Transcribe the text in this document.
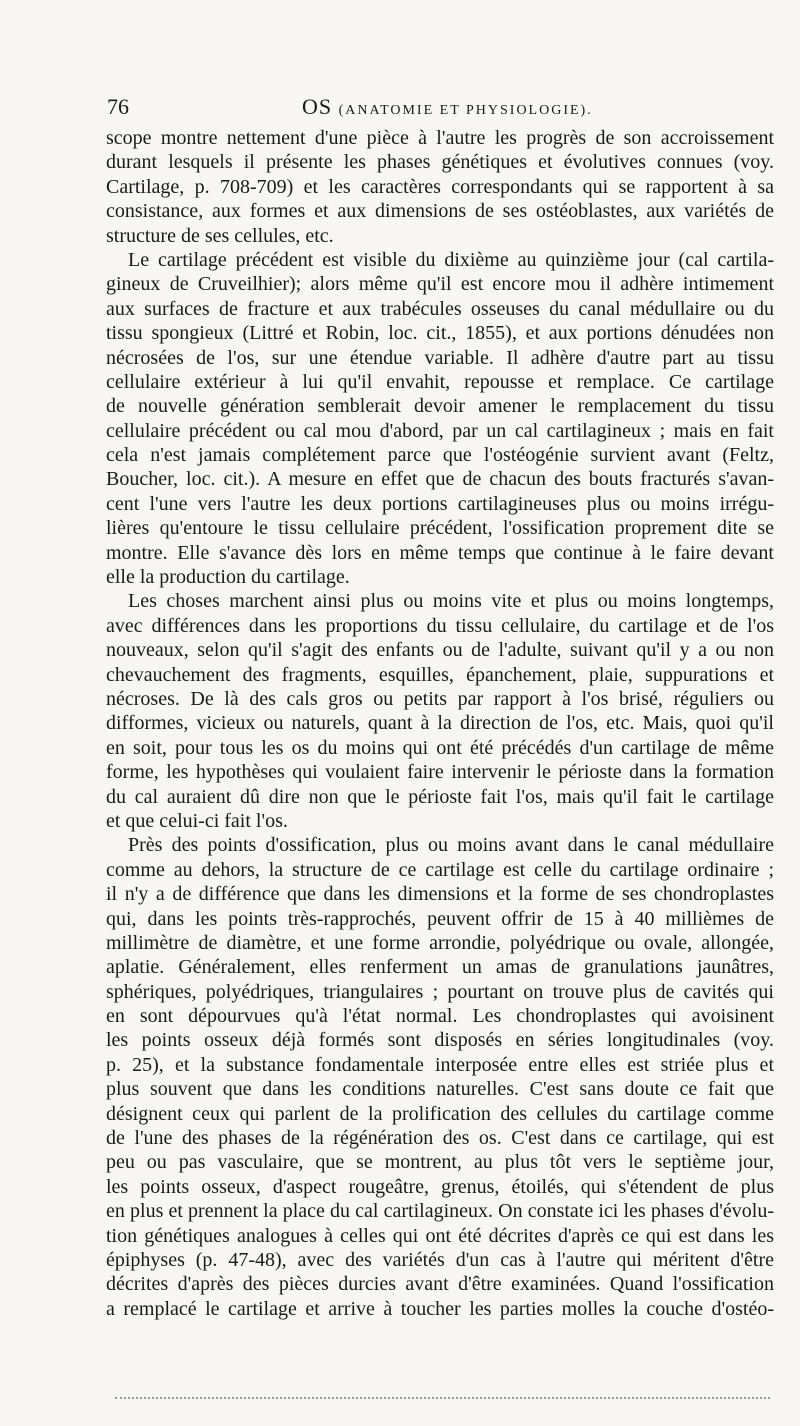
76	OS (ANATOMIE ET PHYSIOLOGIE).
scope montre nettement d'une pièce à l'autre les progrès de son accroissement
durant lesquels il présente les phases génétiques et évolutives connues (voy.
Cartilage, p. 708-709) et les caractères correspondants qui se rapportent à sa
consistance, aux formes et aux dimensions de ses ostéoblastes, aux variétés de
structure de ses cellules, etc.
Le cartilage précédent est visible du dixième au quinzième jour (cal cartila-
gineux de Cruveilhier); alors même qu'il est encore mou il adhère intimement
aux surfaces de fracture et aux trabécules osseuses du canal médullaire ou du
tissu spongieux (Littré et Robin, loc. cit., 1855), et aux portions dénudées non
nécrosées de l'os, sur une étendue variable. Il adhère d'autre part au tissu
cellulaire extérieur à lui qu'il envahit, repousse et remplace. Ce cartilage
de nouvelle génération semblerait devoir amener le remplacement du tissu
cellulaire précédent ou cal mou d'abord, par un cal cartilagineux ; mais en fait
cela n'est jamais complétement parce que l'ostéogénie survient avant (Feltz,
Boucher, loc. cit.). A mesure en effet que de chacun des bouts fracturés s'avan-
cent l'une vers l'autre les deux portions cartilagineuses plus ou moins irrégu-
lières qu'entoure le tissu cellulaire précédent, l'ossification proprement dite se
montre. Elle s'avance dès lors en même temps que continue à le faire devant
elle la production du cartilage.
Les choses marchent ainsi plus ou moins vite et plus ou moins longtemps,
avec différences dans les proportions du tissu cellulaire, du cartilage et de l'os
nouveaux, selon qu'il s'agit des enfants ou de l'adulte, suivant qu'il y a ou non
chevauchement des fragments, esquilles, épanchement, plaie, suppurations et
nécroses. De là des cals gros ou petits par rapport à l'os brisé, réguliers ou
difformes, vicieux ou naturels, quant à la direction de l'os, etc. Mais, quoi qu'il
en soit, pour tous les os du moins qui ont été précédés d'un cartilage de même
forme, les hypothèses qui voulaient faire intervenir le périoste dans la formation
du cal auraient dû dire non que le périoste fait l'os, mais qu'il fait le cartilage
et que celui-ci fait l'os.
Près des points d'ossification, plus ou moins avant dans le canal médullaire
comme au dehors, la structure de ce cartilage est celle du cartilage ordinaire ;
il n'y a de différence que dans les dimensions et la forme de ses chondroplastes
qui, dans les points très-rapprochés, peuvent offrir de 15 à 40 millièmes de
millimètre de diamètre, et une forme arrondie, polyédrique ou ovale, allongée,
aplatie. Généralement, elles renferment un amas de granulations jaunâtres,
sphériques, polyédriques, triangulaires ; pourtant on trouve plus de cavités qui
en sont dépourvues qu'à l'état normal. Les chondroplastes qui avoisinent
les points osseux déjà formés sont disposés en séries longitudinales (voy.
p. 25), et la substance fondamentale interposée entre elles est striée plus et
plus souvent que dans les conditions naturelles. C'est sans doute ce fait que
désignent ceux qui parlent de la prolification des cellules du cartilage comme
de l'une des phases de la régénération des os. C'est dans ce cartilage, qui est
peu ou pas vasculaire, que se montrent, au plus tôt vers le septième jour,
les points osseux, d'aspect rougeâtre, grenus, étoilés, qui s'étendent de plus
en plus et prennent la place du cal cartilagineux. On constate ici les phases d'évolu-
tion génétiques analogues à celles qui ont été décrites d'après ce qui est dans les
épiphyses (p. 47-48), avec des variétés d'un cas à l'autre qui méritent d'être
décrites d'après des pièces durcies avant d'être examinées. Quand l'ossification
a remplacé le cartilage et arrive à toucher les parties molles la couche d'ostéo-
